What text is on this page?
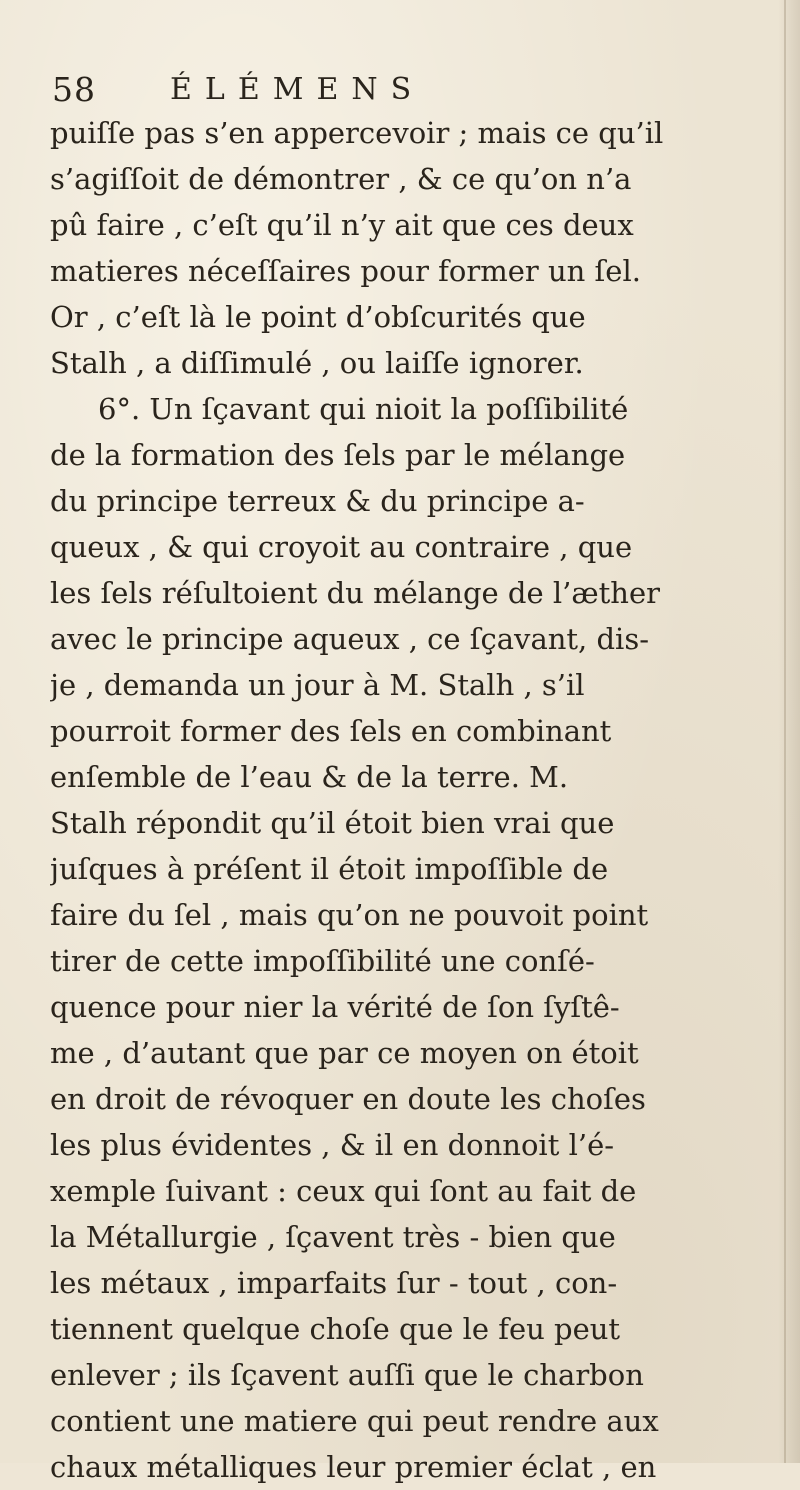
58 ÉLÉMENS
puiſſe pas s’en appercevoir ; mais ce qu’il
s’agiſſoit de démontrer , & ce qu’on n’a
pû faire , c’eſt qu’il n’y ait que ces deux
matieres néceſſaires pour former un ſel.
Or , c’eſt là le point d’obſcurités que
Stalh , a diſſimulé , ou laiſſe ignorer.
6°. Un ſçavant qui nioit la poſſibilité
de la formation des ſels par le mélange
du principe terreux & du principe a-
queux , & qui croyoit au contraire , que
les ſels réſultoient du mélange de l’æther
avec le principe aqueux , ce ſçavant, dis-
je , demanda un jour à M. Stalh , s’il
pourroit former des ſels en combinant
enſemble de l’eau & de la terre. M.
Stalh répondit qu’il étoit bien vrai que
juſques à préſent il étoit impoſſible de
faire du ſel , mais qu’on ne pouvoit point
tirer de cette impoſſibilité une conſé-
quence pour nier la vérité de ſon ſyſtê-
me , d’autant que par ce moyen on étoit
en droit de révoquer en doute les choſes
les plus évidentes , & il en donnoit l’é-
xemple ſuivant : ceux qui ſont au fait de
la Métallurgie , ſçavent très - bien que
les métaux , imparfaits ſur - tout , con-
tiennent quelque choſe que le feu peut
enlever ; ils ſçavent auſſi que le charbon
contient une matiere qui peut rendre aux
chaux métalliques leur premier éclat , en
